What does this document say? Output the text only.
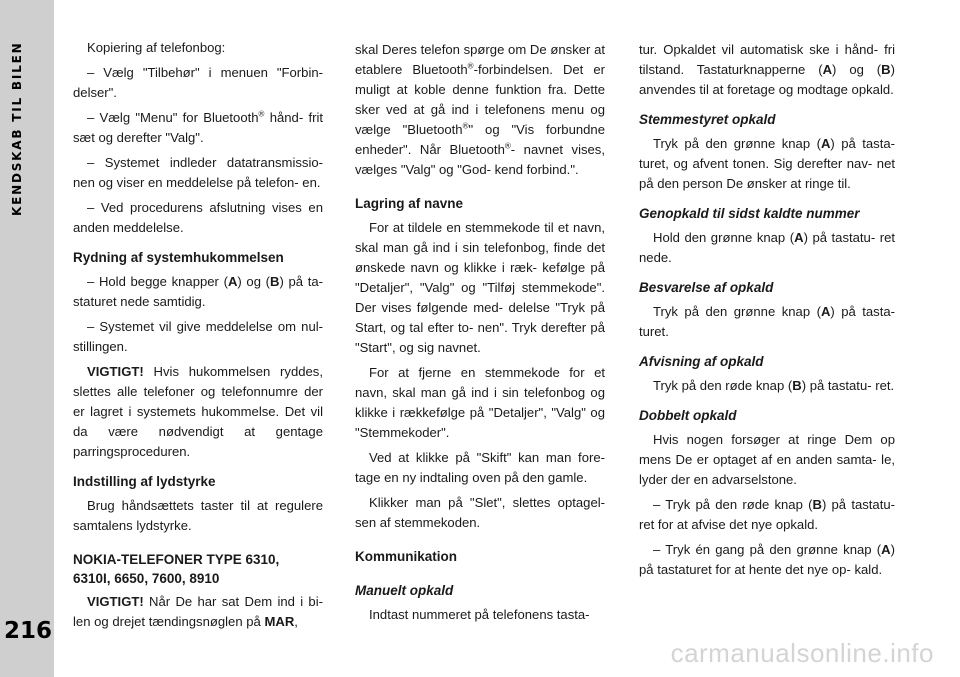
KENDSKAB TIL BILEN
216

Kopiering af telefonbog:

– Vælg "Tilbehør" i menuen "Forbin- delser".

– Vælg "Menu" for Bluetooth® hånd- frit sæt og derefter "Valg".

– Systemet indleder datatransmissio- nen og viser en meddelelse på telefon- en.

– Ved procedurens afslutning vises en anden meddelelse.

Rydning af systemhukommelsen

– Hold begge knapper (A) og (B) på ta- staturet nede samtidig.

– Systemet vil give meddelelse om nul- stillingen.

VIGTIGT! Hvis hukommelsen ryddes, slettes alle telefoner og telefonnumre der er lagret i systemets hukommelse. Det vil da være nødvendigt at gentage parringsproceduren.

Indstilling af lydstyrke

Brug håndsættets taster til at regulere samtalens lydstyrke.

NOKIA-TELEFONER TYPE 6310,
6310I, 6650, 7600, 8910

VIGTIGT! Når De har sat Dem ind i bi- len og drejet tændingsnøglen på MAR,

skal Deres telefon spørge om De ønsker at etablere Bluetooth®-forbindelsen. Det er muligt at koble denne funktion fra. Dette sker ved at gå ind i telefonens menu og vælge "Bluetooth®" og "Vis forbundne enheder". Når Bluetooth®- navnet vises, vælges "Valg" og "God- kend forbind.".

Lagring af navne

For at tildele en stemmekode til et navn, skal man gå ind i sin telefonbog, finde det ønskede navn og klikke i ræk- kefølge på "Detaljer", "Valg" og "Tilføj stemmekode". Der vises følgende med- delelse "Tryk på Start, og tal efter to- nen". Tryk derefter på "Start", og sig navnet.

For at fjerne en stemmekode for et navn, skal man gå ind i sin telefonbog og klikke i rækkefølge på "Detaljer", "Valg" og "Stemmekoder".

Ved at klikke på "Skift" kan man fore- tage en ny indtaling oven på den gamle.

Klikker man på "Slet", slettes optagel- sen af stemmekoden.

Kommunikation
Manuelt opkald

Indtast nummeret på telefonens tasta-

tur. Opkaldet vil automatisk ske i hånd- fri tilstand. Tastaturknapperne (A) og (B) anvendes til at foretage og modtage opkald.

Stemmestyret opkald

Tryk på den grønne knap (A) på tasta- turet, og afvent tonen. Sig derefter nav- net på den person De ønsker at ringe til.

Genopkald til sidst kaldte nummer

Hold den grønne knap (A) på tastatu- ret nede.

Besvarelse af opkald

Tryk på den grønne knap (A) på tasta- turet.

Afvisning af opkald

Tryk på den røde knap (B) på tastatu- ret.

Dobbelt opkald

Hvis nogen forsøger at ringe Dem op mens De er optaget af en anden samta- le, lyder der en advarselstone.

– Tryk på den røde knap (B) på tastatu- ret for at afvise det nye opkald.

– Tryk én gang på den grønne knap (A) på tastaturet for at hente det nye op- kald.

carmanualsonline.info
